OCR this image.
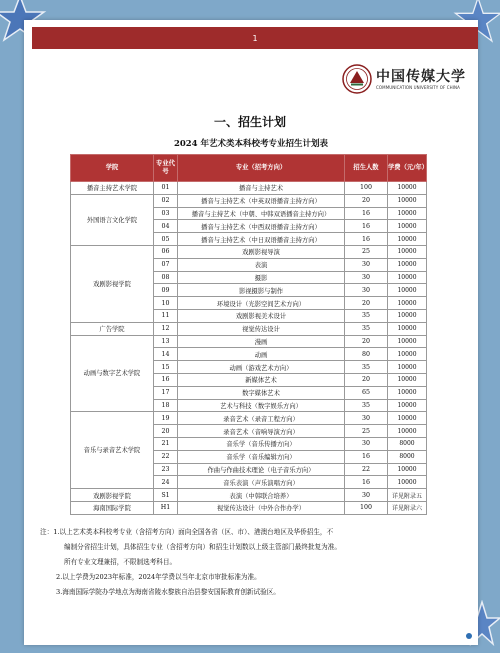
1
中国传媒大学
COMMUNICATION UNIVERSITY OF CHINA
一、招生计划
2024 年艺术类本科校考专业招生计划表
学院	专业代号	专业（招考方向）	招生人数	学费（元/年）
播音主持艺术学院	01	播音与主持艺术	100	10000
外国语言文化学院	02	播音与主持艺术（中英双语播音主持方向）	20	10000
	03	播音与主持艺术（中朝、中韩双语播音主持方向）	16	10000
	04	播音与主持艺术（中西双语播音主持方向）	16	10000
	05	播音与主持艺术（中日双语播音主持方向）	16	10000
戏剧影视学院	06	戏剧影视导演	25	10000
	07	表演	30	10000
	08	摄影	30	10000
	09	影视摄影与制作	30	10000
	10	环境设计（光影空间艺术方向）	20	10000
	11	戏剧影视美术设计	35	10000
广告学院	12	视觉传达设计	35	10000
动画与数字艺术学院	13	漫画	20	10000
	14	动画	80	10000
	15	动画（游戏艺术方向）	35	10000
	16	新媒体艺术	20	10000
	17	数字媒体艺术	65	10000
	18	艺术与科技（数字娱乐方向）	35	10000
音乐与录音艺术学院	19	录音艺术（录音工程方向）	30	10000
	20	录音艺术（音响导演方向）	25	10000
	21	音乐学（音乐传播方向）	30	8000
	22	音乐学（音乐编辑方向）	16	8000
	23	作曲与作曲技术理论（电子音乐方向）	22	10000
	24	音乐表演（声乐演唱方向）	16	10000
戏剧影视学院	S1	表演（中韩联合培养）	30	详见附录五
海南国际学院	H1	视觉传达设计（中外合作办学）	100	详见附录六
注： 1.以上艺术类本科校考专业（含招考方向）面向全国各省（区、市）、港澳台地区及华侨招生，不
编制分省招生计划，具体招生专业（含招考方向）和招生计划数以上级主管部门最终批复为准。
所有专业文理兼招，不限制选考科目。
2.以上学费为2023年标准，2024年学费以当年北京市审批标准为准。
3.海南国际学院办学地点为海南省陵水黎族自治县黎安国际教育创新试验区。
